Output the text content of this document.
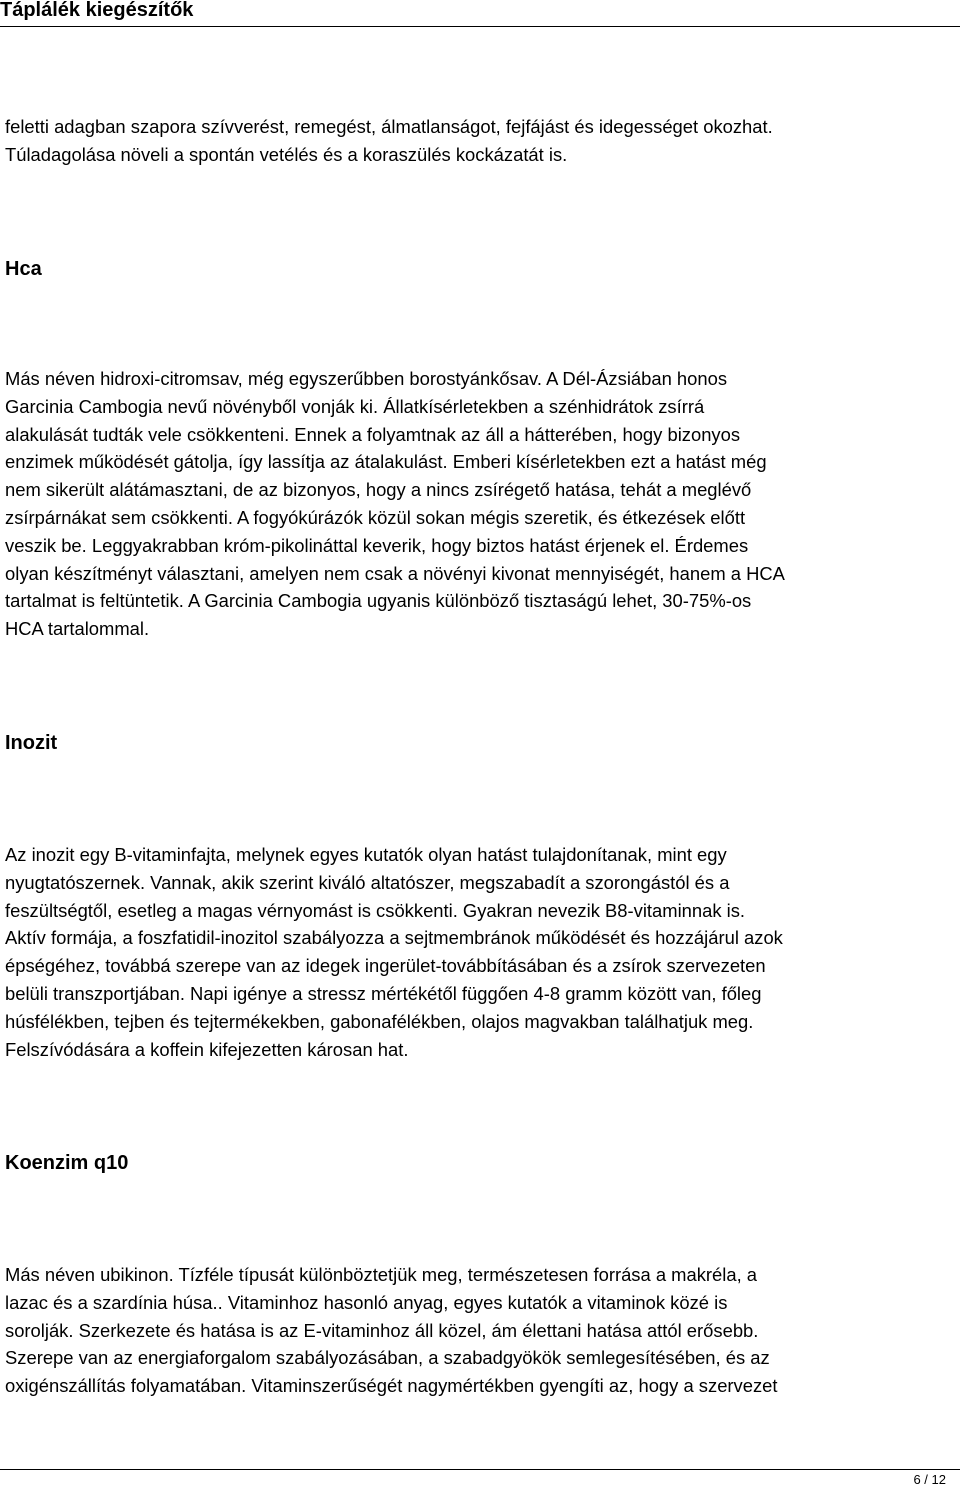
Táplálék kiegészítők

feletti adagban szapora szívverést, remegést, álmatlanságot, fejfájást és idegességet okozhat.
Túladagolása növeli a spontán vetélés és a koraszülés kockázatát is.

Hca

Más néven hidroxi-citromsav, még egyszerűbben borostyánkősav. A Dél-Ázsiában honos
Garcinia Cambogia nevű növényből vonják ki. Állatkísérletekben a szénhidrátok zsírrá
alakulását tudták vele csökkenteni. Ennek a folyamtnak az áll a hátterében, hogy bizonyos
enzimek működését gátolja, így lassítja az átalakulást. Emberi kísérletekben ezt a hatást még
nem sikerült alátámasztani, de az bizonyos, hogy a nincs zsírégető hatása, tehát a meglévő
zsírpárnákat sem csökkenti. A fogyókúrázók közül sokan mégis szeretik, és étkezések előtt
veszik be. Leggyakrabban króm-pikolináttal keverik, hogy biztos hatást érjenek el. Érdemes
olyan készítményt választani, amelyen nem csak a növényi kivonat mennyiségét, hanem a HCA
tartalmat is feltüntetik. A Garcinia Cambogia ugyanis különböző tisztaságú lehet, 30-75%-os
HCA tartalommal.

Inozit

Az inozit egy B-vitaminfajta, melynek egyes kutatók olyan hatást tulajdonítanak, mint egy
nyugtatószernek. Vannak, akik szerint kiváló altatószer, megszabadít a szorongástól és a
feszültségtől, esetleg a magas vérnyomást is csökkenti. Gyakran nevezik B8-vitaminnak is.
Aktív formája, a foszfatidil-inozitol szabályozza a sejtmembránok működését és hozzájárul azok
épségéhez, továbbá szerepe van az idegek ingerület-továbbításában és a zsírok szervezeten
belüli transzportjában. Napi igénye a stressz mértékétől függően 4-8 gramm között van, főleg
húsfélékben, tejben és tejtermékekben, gabonafélékben, olajos magvakban találhatjuk meg.
Felszívódására a koffein kifejezetten károsan hat.

Koenzim q10

Más néven ubikinon. Tízféle típusát különböztetjük meg, természetesen forrása a makréla, a
lazac és a szardínia húsa.. Vitaminhoz hasonló anyag, egyes kutatók a vitaminok közé is
sorolják. Szerkezete és hatása is az E-vitaminhoz áll közel, ám élettani hatása attól erősebb.
Szerepe van az energiaforgalom szabályozásában, a szabadgyökök semlegesítésében, és az
oxigénszállítás folyamatában. Vitaminszerűségét nagymértékben gyengíti az, hogy a szervezet

6 / 12
